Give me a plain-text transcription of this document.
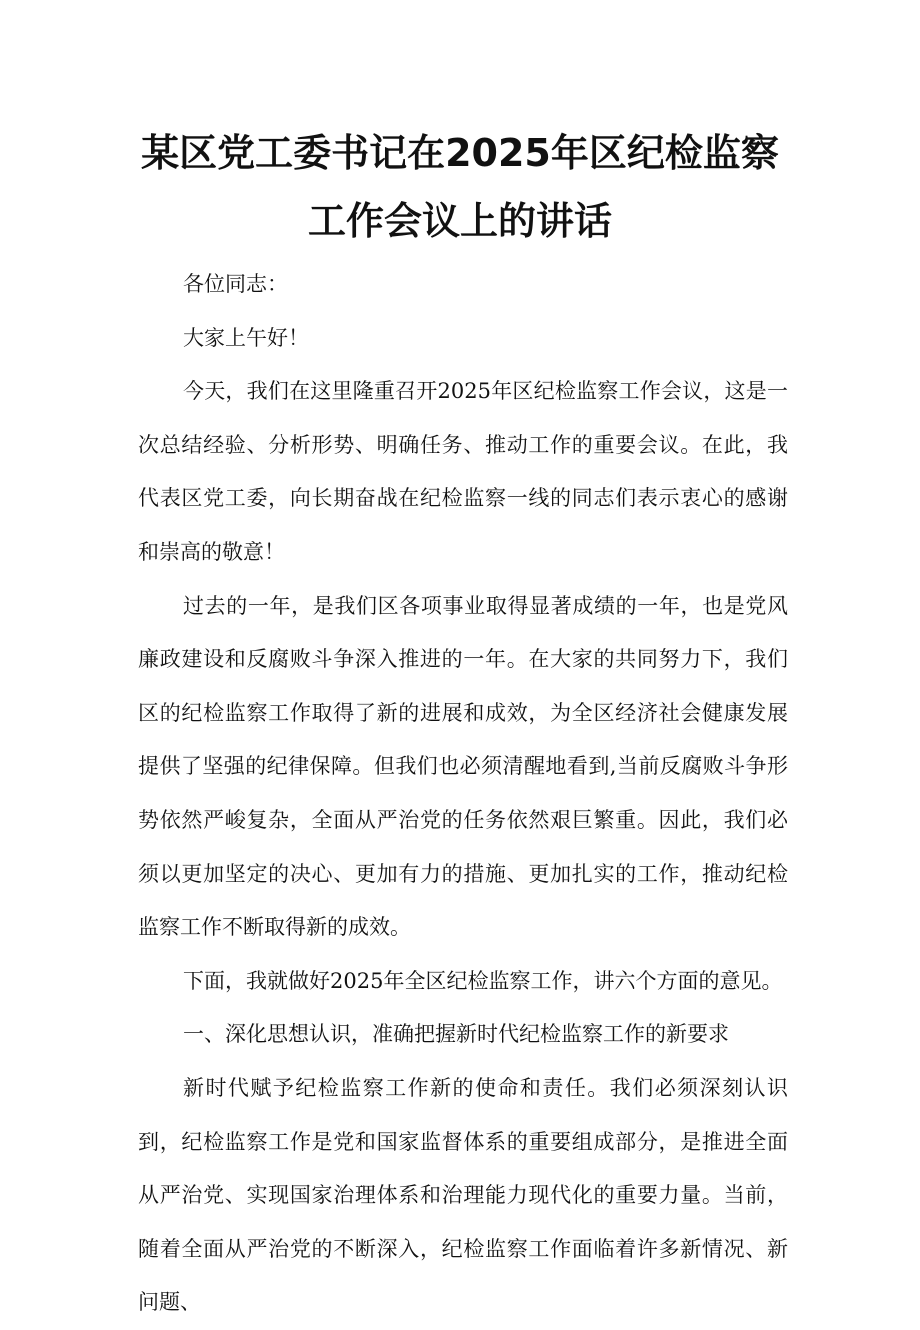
某区党工委书记在2025年区纪检监察
工作会议上的讲话

各位同志：

大家上午好！

今天，我们在这里隆重召开2025年区纪检监察工作会议，这是一次总结经验、分析形势、明确任务、推动工作的重要会议。在此，我代表区党工委，向长期奋战在纪检监察一线的同志们表示衷心的感谢和崇高的敬意！

过去的一年，是我们区各项事业取得显著成绩的一年，也是党风廉政建设和反腐败斗争深入推进的一年。在大家的共同努力下，我们区的纪检监察工作取得了新的进展和成效，为全区经济社会健康发展提供了坚强的纪律保障。但我们也必须清醒地看到,当前反腐败斗争形势依然严峻复杂，全面从严治党的任务依然艰巨繁重。因此，我们必须以更加坚定的决心、更加有力的措施、更加扎实的工作，推动纪检监察工作不断取得新的成效。

下面，我就做好2025年全区纪检监察工作，讲六个方面的意见。

一、深化思想认识，准确把握新时代纪检监察工作的新要求

新时代赋予纪检监察工作新的使命和责任。我们必须深刻认识到，纪检监察工作是党和国家监督体系的重要组成部分，是推进全面从严治党、实现国家治理体系和治理能力现代化的重要力量。当前，随着全面从严治党的不断深入，纪检监察工作面临着许多新情况、新问题、
